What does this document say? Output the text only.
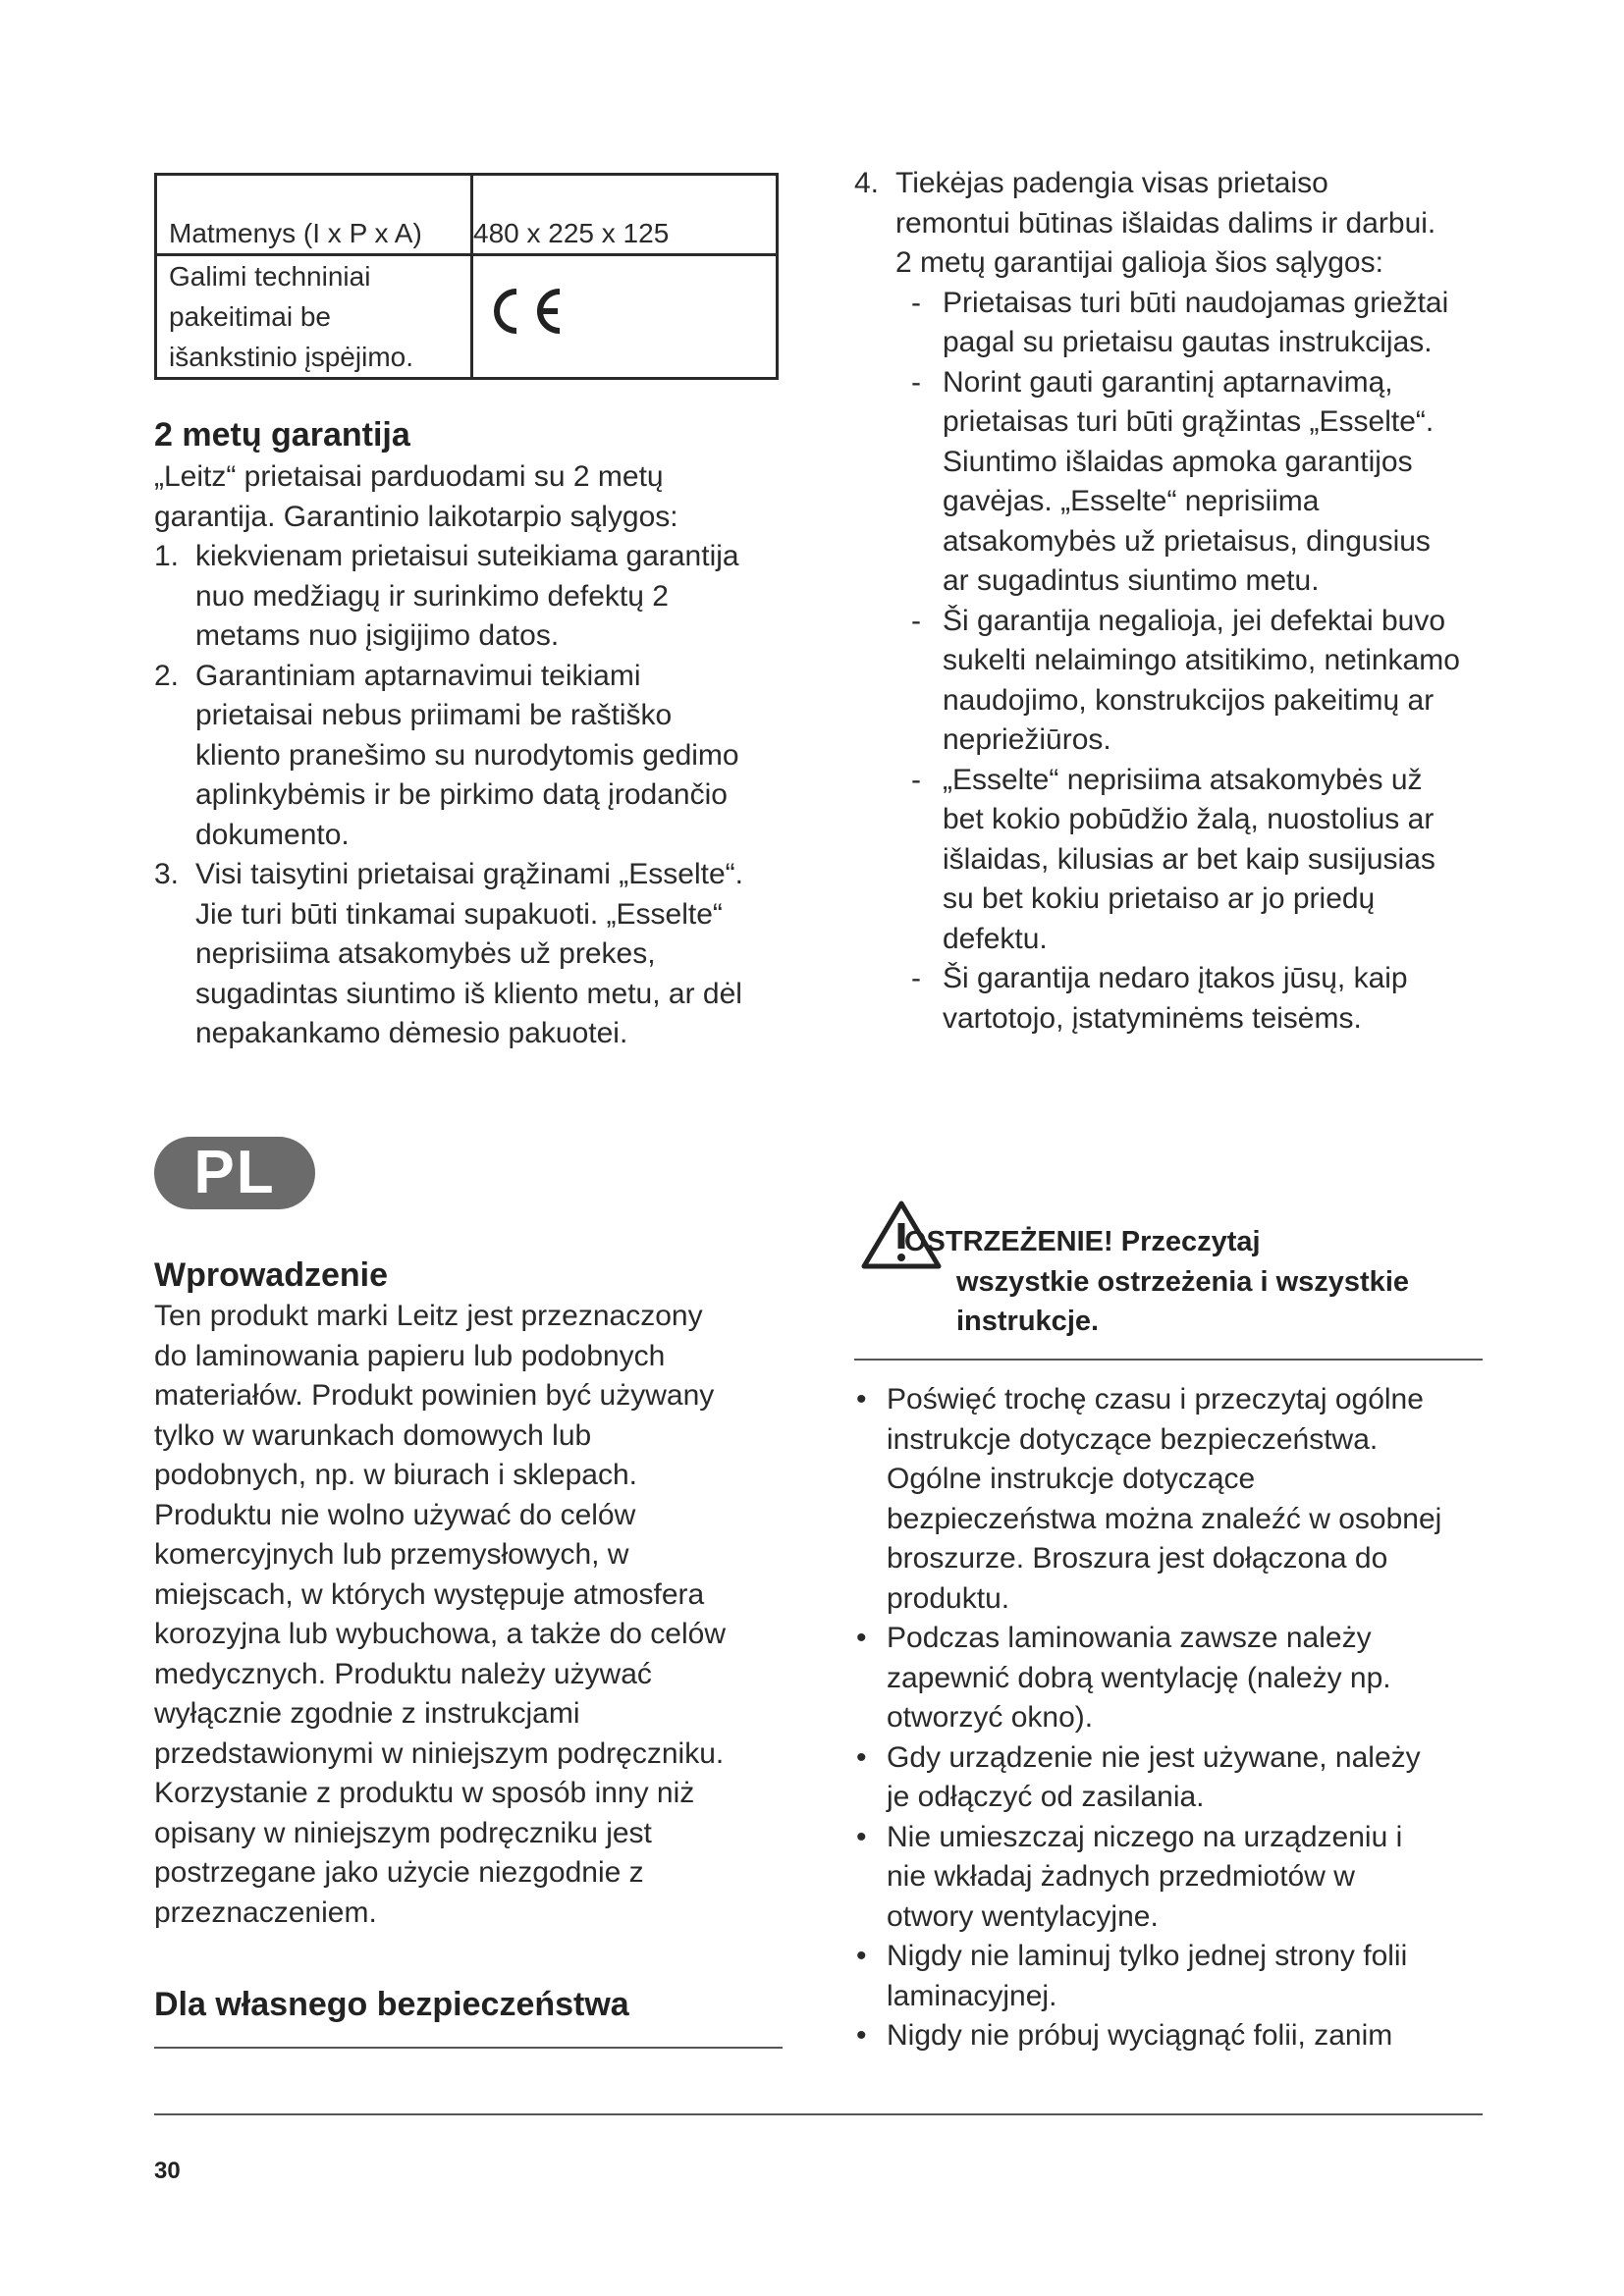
Matmenys (I x P x A)	480 x 225 x 125

Galimi techniniai
pakeitimai be
išankstinio įspėjimo.

2 metų garantija

„Leitz“ prietaisai parduodami su 2 metų
garantija. Garantinio laikotarpio sąlygos:

1. kiekvienam prietaisui suteikiama garantija
nuo medžiagų ir surinkimo defektų 2
metams nuo įsigijimo datos.
2. Garantiniam aptarnavimui teikiami
prietaisai nebus priimami be raštiško
kliento pranešimo su nurodytomis gedimo
aplinkybėmis ir be pirkimo datą įrodančio
dokumento.
3. Visi taisytini prietaisai grąžinami „Esselte“.
Jie turi būti tinkamai supakuoti. „Esselte“
neprisiima atsakomybės už prekes,
sugadintas siuntimo iš kliento metu, ar dėl
nepakankamo dėmesio pakuotei.
4. Tiekėjas padengia visas prietaiso
remontui būtinas išlaidas dalims ir darbui.
2 metų garantijai galioja šios sąlygos:
- Prietaisas turi būti naudojamas griežtai
pagal su prietaisu gautas instrukcijas.
- Norint gauti garantinį aptarnavimą,
prietaisas turi būti grąžintas „Esselte“.
Siuntimo išlaidas apmoka garantijos
gavėjas. „Esselte“ neprisiima
atsakomybės už prietaisus, dingusius
ar sugadintus siuntimo metu.
- Ši garantija negalioja, jei defektai buvo
sukelti nelaimingo atsitikimo, netinkamo
naudojimo, konstrukcijos pakeitimų ar
nepriežiūros.
- „Esselte“ neprisiima atsakomybės už
bet kokio pobūdžio žalą, nuostolius ar
išlaidas, kilusias ar bet kaip susijusias
su bet kokiu prietaiso ar jo priedų
defektu.
- Ši garantija nedaro įtakos jūsų, kaip
vartotojo, įstatyminėms teisėms.
PL
Wprowadzenie

Ten produkt marki Leitz jest przeznaczony
do laminowania papieru lub podobnych
materiałów. Produkt powinien być używany
tylko w warunkach domowych lub
podobnych, np. w biurach i sklepach.
Produktu nie wolno używać do celów
komercyjnych lub przemysłowych, w
miejscach, w których występuje atmosfera
korozyjna lub wybuchowa, a także do celów
medycznych. Produktu należy używać
wyłącznie zgodnie z instrukcjami
przedstawionymi w niniejszym podręczniku.
Korzystanie z produktu w sposób inny niż
opisany w niniejszym podręczniku jest
postrzegane jako użycie niezgodnie z
przeznaczeniem.

Dla własnego bezpieczeństwa
OSTRZEŻENIE! Przeczytaj
wszystkie ostrzeżenia i wszystkie
instrukcje.
• Poświęć trochę czasu i przeczytaj ogólne
instrukcje dotyczące bezpieczeństwa.
Ogólne instrukcje dotyczące
bezpieczeństwa można znaleźć w osobnej
broszurze. Broszura jest dołączona do
produktu.
• Podczas laminowania zawsze należy
zapewnić dobrą wentylację (należy np.
otworzyć okno).
• Gdy urządzenie nie jest używane, należy
je odłączyć od zasilania.
• Nie umieszczaj niczego na urządzeniu i
nie wkładaj żadnych przedmiotów w
otwory wentylacyjne.
• Nigdy nie laminuj tylko jednej strony folii
laminacyjnej.
• Nigdy nie próbuj wyciągnąć folii, zanim
30
